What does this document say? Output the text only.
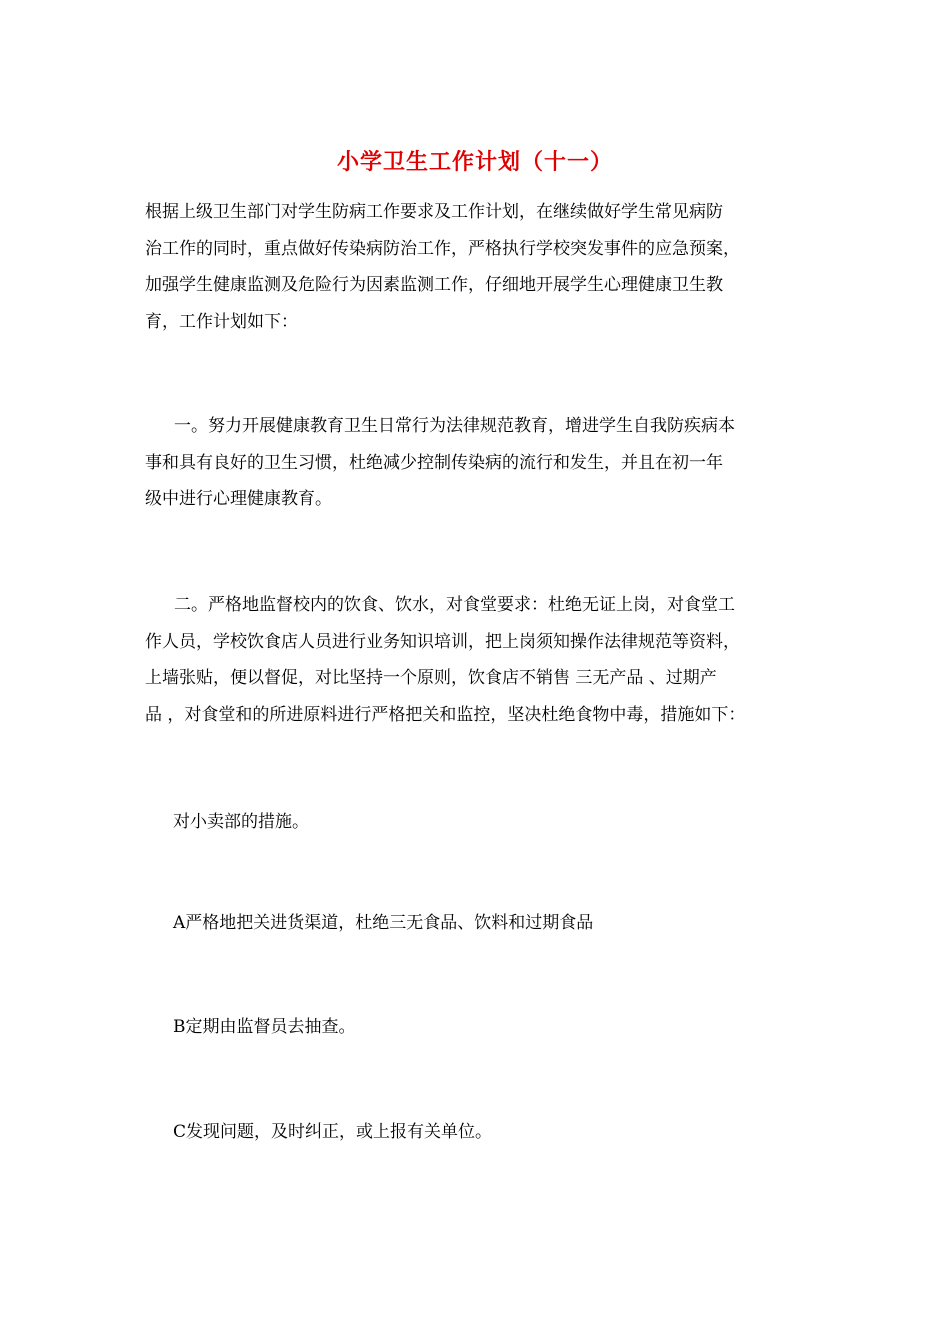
小学卫生工作计划（十一）
根据上级卫生部门对学生防病工作要求及工作计划，在继续做好学生常见病防
治工作的同时，重点做好传染病防治工作，严格执行学校突发事件的应急预案，
加强学生健康监测及危险行为因素监测工作，仔细地开展学生心理健康卫生教
育，工作计划如下：
一。努力开展健康教育卫生日常行为法律规范教育，增进学生自我防疾病本
事和具有良好的卫生习惯，杜绝减少控制传染病的流行和发生，并且在初一年
级中进行心理健康教育。
二。严格地监督校内的饮食、饮水，对食堂要求：杜绝无证上岗，对食堂工
作人员，学校饮食店人员进行业务知识培训，把上岗须知操作法律规范等资料，
上墙张贴，便以督促，对比坚持一个原则，饮食店不销售 三无产品 、过期产
品 ，对食堂和的所进原料进行严格把关和监控，坚决杜绝食物中毒，措施如下：

对小卖部的措施。

A严格地把关进货渠道，杜绝三无食品、饮料和过期食品

B定期由监督员去抽查。

C发现问题，及时纠正，或上报有关单位。
